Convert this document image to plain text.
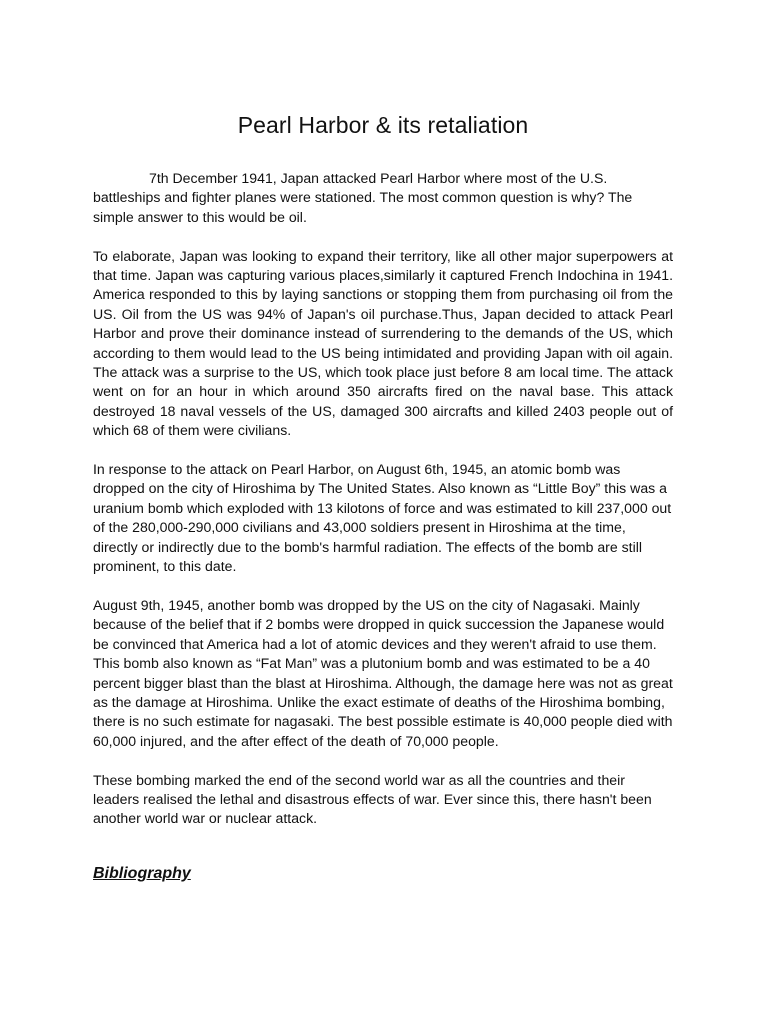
Pearl Harbor & its retaliation

7th December 1941, Japan attacked Pearl Harbor where most of the U.S. battleships and fighter planes were stationed. The most common question is why? The simple answer to this would be oil.

To elaborate, Japan was looking to expand their territory, like all other major superpowers at that time. Japan was capturing various places,similarly it captured French Indochina in 1941. America responded to this by laying sanctions or stopping them from purchasing oil from the US. Oil from the US was 94% of Japan's oil purchase.Thus, Japan decided to attack Pearl Harbor and prove their dominance instead of surrendering to the demands of the US, which according to them would lead to the US being intimidated and providing Japan with oil again. The attack was a surprise to the US, which took place just before 8 am local time. The attack went on for an hour in which around 350 aircrafts fired on the naval base. This attack destroyed 18 naval vessels of the US, damaged 300 aircrafts and killed 2403 people out of which 68 of them were civilians.

In response to the attack on Pearl Harbor, on August 6th, 1945, an atomic bomb was dropped on the city of Hiroshima by The United States. Also known as “Little Boy” this was a uranium bomb which exploded with 13 kilotons of force and was estimated to kill 237,000 out of the 280,000-290,000 civilians and 43,000 soldiers present in Hiroshima at the time, directly or indirectly due to the bomb's harmful radiation. The effects of the bomb are still prominent, to this date.

August 9th, 1945, another bomb was dropped by the US on the city of Nagasaki. Mainly because of the belief that if 2 bombs were dropped in quick succession the Japanese would be convinced that America had a lot of atomic devices and they weren't afraid to use them. This bomb also known as “Fat Man” was a plutonium bomb and was estimated to be a 40 percent bigger blast than the blast at Hiroshima. Although, the damage here was not as great as the damage at Hiroshima. Unlike the exact estimate of deaths of the Hiroshima bombing, there is no such estimate for nagasaki. The best possible estimate is 40,000 people died with 60,000 injured, and the after effect of the death of 70,000 people.

These bombing marked the end of the second world war as all the countries and their leaders realised the lethal and disastrous effects of war. Ever since this, there hasn't been another world war or nuclear attack.

Bibliography
